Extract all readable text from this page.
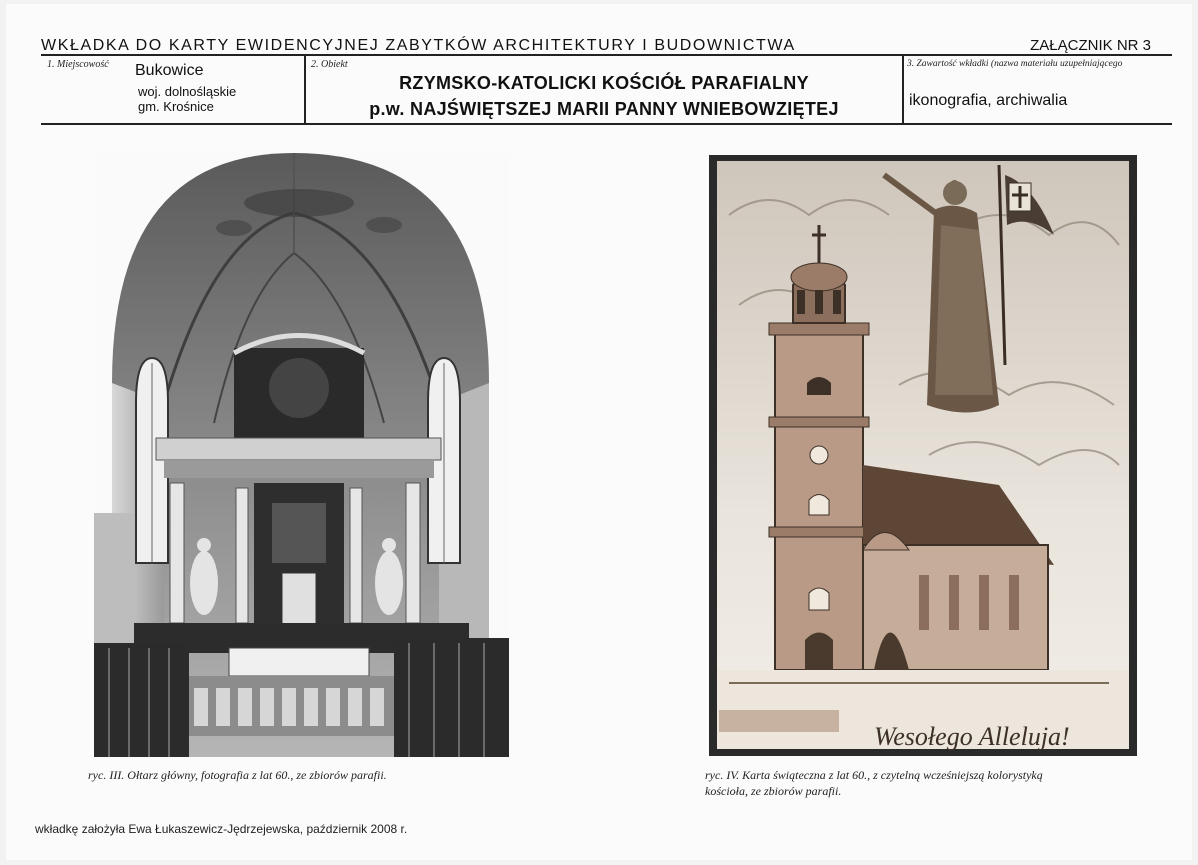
WKŁADKA DO KARTY EWIDENCYJNEJ ZABYTKÓW ARCHITEKTURY I BUDOWNICTWA	ZAŁĄCZNIK NR 3
1. Miejscowość Bukowice
woj. dolnośląskie
gm. Krośnice
2. Obiekt
RZYMSKO-KATOLICKI KOŚCIÓŁ PARAFIALNY
p.w. NAJŚWIĘTSZEJ MARII PANNY WNIEBOWZIĘTEJ
3. Zawartość wkładki (nazwa materiału uzupełniającego
ikonografia, archiwalia
ryc. III. Ołtarz główny, fotografia z lat 60., ze zbiorów parafii.
Wesołego Alleluja!
ryc. IV. Karta świąteczna z lat 60., z czytelną wcześniejszą kolorystyką
kościoła, ze zbiorów parafii.
wkładkę założyła Ewa Łukaszewicz-Jędrzejewska, październik 2008 r.
